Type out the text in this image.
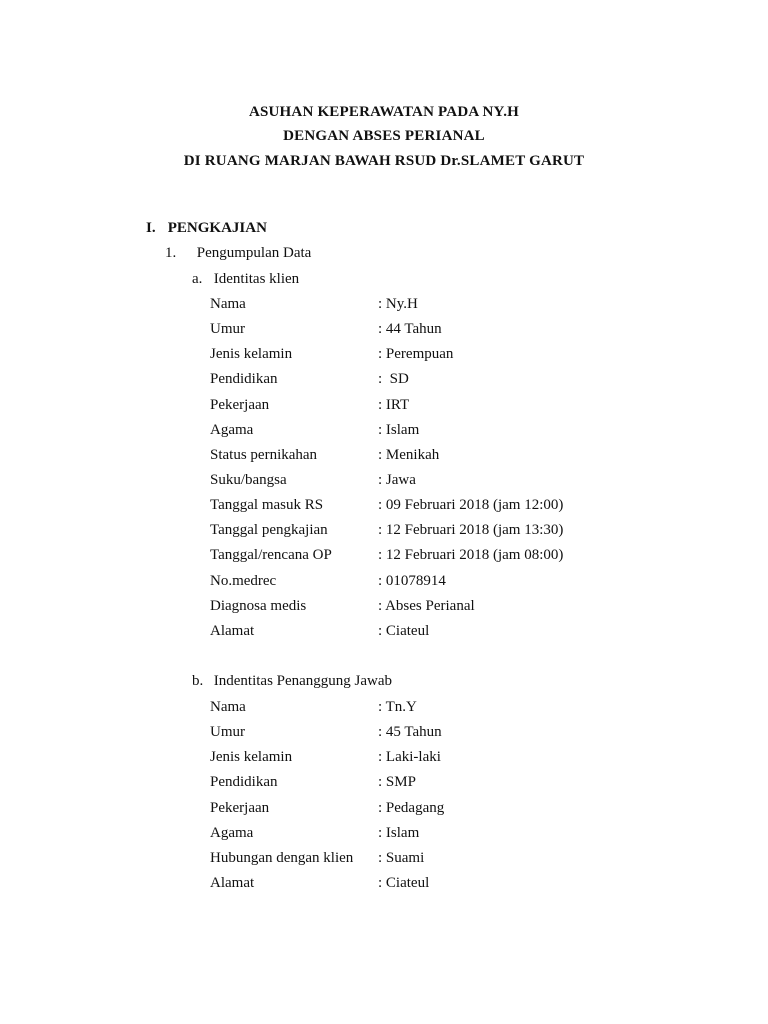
ASUHAN KEPERAWATAN PADA NY.H
DENGAN ABSES PERIANAL
DI RUANG MARJAN BAWAH RSUD Dr.SLAMET GARUT
I. PENGKAJIAN
1. Pengumpulan Data
a. Identitas klien
Nama	: Ny.H
Umur	: 44 Tahun
Jenis kelamin	: Perempuan
Pendidikan	:  SD
Pekerjaan	: IRT
Agama	: Islam
Status pernikahan	: Menikah
Suku/bangsa	: Jawa
Tanggal masuk RS	: 09 Februari 2018 (jam 12:00)
Tanggal pengkajian	: 12 Februari 2018 (jam 13:30)
Tanggal/rencana OP	: 12 Februari 2018 (jam 08:00)
No.medrec	: 01078914
Diagnosa medis	: Abses Perianal
Alamat	: Ciateul
b. Indentitas Penanggung Jawab
Nama	: Tn.Y
Umur	: 45 Tahun
Jenis kelamin	: Laki-laki
Pendidikan	: SMP
Pekerjaan	: Pedagang
Agama	: Islam
Hubungan dengan klien	: Suami
Alamat	: Ciateul
